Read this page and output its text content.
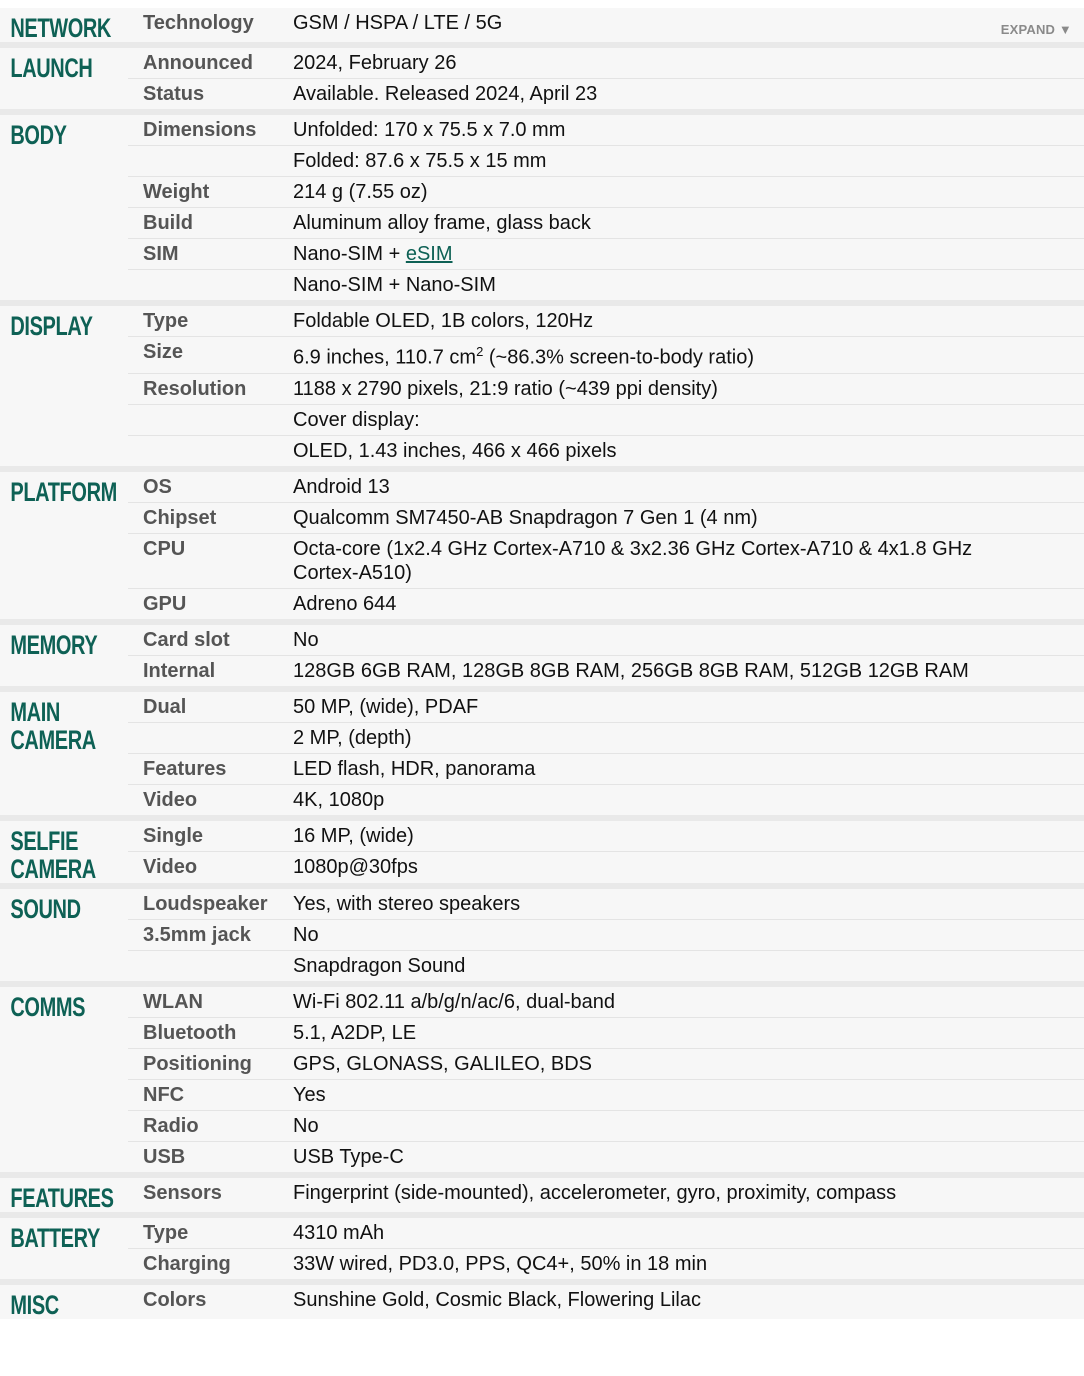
NETWORK	Technology	GSM / HSPA / LTE / 5G	EXPAND ▼
LAUNCH	Announced	2024, February 26
Status	Available. Released 2024, April 23
BODY	Dimensions	Unfolded: 170 x 75.5 x 7.0 mm
Folded: 87.6 x 75.5 x 15 mm
Weight	214 g (7.55 oz)
Build	Aluminum alloy frame, glass back
SIM	Nano-SIM + eSIM
Nano-SIM + Nano-SIM
DISPLAY	Type	Foldable OLED, 1B colors, 120Hz
Size	6.9 inches, 110.7 $cm^2$ (~86.3% screen-to-body ratio)
Resolution	1188 x 2790 pixels, 21:9 ratio (~439 ppi density)
Cover display:
OLED, 1.43 inches, 466 x 466 pixels
PLATFORM	OS	Android 13
Chipset	Qualcomm SM7450-AB Snapdragon 7 Gen 1 (4 nm)
CPU	Octa-core (1x2.4 GHz Cortex-A710 & 3x2.36 GHz Cortex-A710 & 4x1.8 GHz Cortex-A510)
GPU	Adreno 644
MEMORY	Card slot	No
Internal	128GB 6GB RAM, 128GB 8GB RAM, 256GB 8GB RAM, 512GB 12GB RAM
MAIN
CAMERA
Dual	50 MP, (wide), PDAF
2 MP, (depth)
Features	LED flash, HDR, panorama
Video	4K, 1080p
SELFIE
CAMERA
Single	16 MP, (wide)
Video	1080p@30fps
SOUND	Loudspeaker	Yes, with stereo speakers
3.5mm jack	No
Snapdragon Sound
COMMS	WLAN	Wi-Fi 802.11 a/b/g/n/ac/6, dual-band
Bluetooth	5.1, A2DP, LE
Positioning	GPS, GLONASS, GALILEO, BDS
NFC	Yes
Radio	No
USB	USB Type-C
FEATURES	Sensors	Fingerprint (side-mounted), accelerometer, gyro, proximity, compass
BATTERY	Type	4310 mAh
Charging	33W wired, PD3.0, PPS, QC4+, 50% in 18 min
MISC	Colors	Sunshine Gold, Cosmic Black, Flowering Lilac
